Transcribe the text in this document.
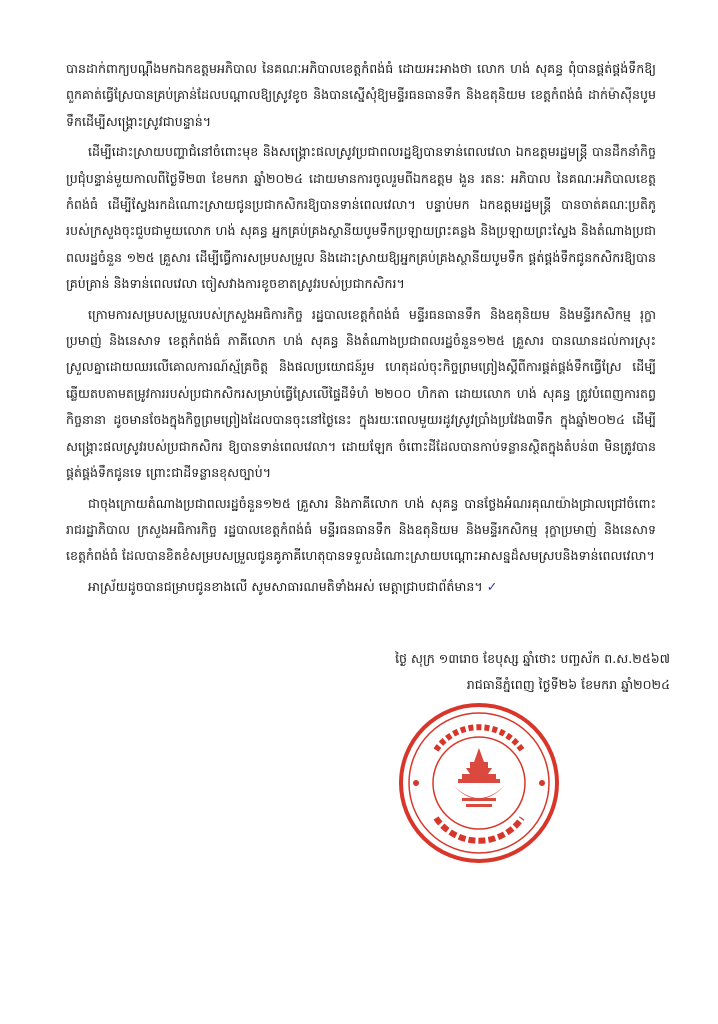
បានដាក់ពាក្យបណ្ដឹងមកឯកឧត្តមអភិបាល នៃគណៈអភិបាលខេត្តកំពង់ធំ ដោយអះអាងថា លោក ហង់ សុគន្ធ ពុំបានផ្គត់ផ្គង់ទឹកឱ្យពួកគាត់ធ្វើស្រែបានគ្រប់គ្រាន់ដែលបណ្ដាលឱ្យស្រូវខូច និងបានស្នើសុំឱ្យមន្ទីរធនធានទឹក និងឧតុនិយម ខេត្តកំពង់ធំ ដាក់ម៉ាស៊ីនបូមទឹកដើម្បីសង្គ្រោះស្រូវជាបន្ទាន់។

ដើម្បីដោះស្រាយបញ្ហាជំនៅចំពោះមុខ និងសង្គ្រោះផលស្រូវប្រជាពលរដ្ឋឱ្យបានទាន់ពេលវេលា ឯកឧត្តមរដ្ឋមន្ត្រី បានដឹកនាំកិច្ចប្រជុំបន្ទាន់មួយកាលពីថ្ងៃទី២៣ ខែមករា ឆ្នាំ២០២៤ ដោយមានការចូលរួមពីឯកឧត្តម ងួន រតនៈ អភិបាល នៃគណៈអភិបាលខេត្តកំពង់ធំ ដើម្បីស្វែងរកដំណោះស្រាយជូនប្រជាកសិករឱ្យបានទាន់ពេលវេលា។ បន្ទាប់មក ឯកឧត្តមរដ្ឋមន្ត្រី បានចាត់គណៈប្រតិភូរបស់ក្រសួងចុះជួបជាមួយលោក ហង់ សុគន្ធ អ្នកគ្រប់គ្រងស្ថានីយបូមទឹកប្រឡាយព្រះគន្លង និងប្រឡាយព្រះស្ទែង និងតំណាងប្រជាពលរដ្ឋចំនួន ១២៥ គ្រួសារ ដើម្បីធ្វើការសម្របសម្រួល និងដោះស្រាយឱ្យអ្នកគ្រប់គ្រងស្ថានីយបូមទឹក ផ្គត់ផ្គង់ទឹកជូនកសិករឱ្យបានគ្រប់គ្រាន់ និងទាន់ពេលវេលា ចៀសវាងការខូចខាតស្រូវរបស់ប្រជាកសិករ។

ក្រោមការសម្របសម្រួលរបស់ក្រសួងអធិការកិច្ច រដ្ឋបាលខេត្តកំពង់ធំ មន្ទីរធនធានទឹក និងឧតុនិយម និងមន្ទីរកសិកម្ម រុក្ខាប្រមាញ់ និងនេសាទ ខេត្តកំពង់ធំ ភាគីលោក ហង់ សុគន្ធ និងតំណាងប្រជាពលរដ្ឋចំនួន១២៥ គ្រួសារ បានឈានដល់ការស្រុះស្រួលគ្នាដោយឈរលើគោលការណ៍ស្ម័គ្រចិត្ត និងផលប្រយោជន៍រួម ហេតុដល់ចុះកិច្ចព្រមព្រៀងស្ដីពីការផ្គត់ផ្គង់ទឹកធ្វើស្រែ ដើម្បីឆ្លើយតបតាមតម្រូវការរបស់ប្រជាកសិករសម្រាប់ធ្វើស្រែលើផ្ទៃដីទំហំ ២២០០ ហិកតា ដោយលោក ហង់ សុគន្ធ ត្រូវបំពេញការតព្វកិច្ចនានា ដូចមានចែងក្នុងកិច្ចព្រមព្រៀងដែលបានចុះនៅថ្ងៃនេះ ក្នុងរយៈពេលមួយរដូវស្រូវប្រាំងប្រវែង៣ទឹក ក្នុងឆ្នាំ២០២៤ ដើម្បីសង្គ្រោះផលស្រូវរបស់ប្រជាកសិករ ឱ្យបានទាន់ពេលវេលា។ ដោយឡែក ចំពោះដីដែលបានកាប់ទន្លានស្ថិតក្នុងតំបន់៣ មិនត្រូវបានផ្គត់ផ្គង់ទឹកជូនទេ ព្រោះជាដីទន្លានខុសច្បាប់។

ជាចុងក្រោយតំណាងប្រជាពលរដ្ឋចំនួន១២៥ គ្រួសារ និងភាគីលោក ហង់ សុគន្ធ បានថ្លែងអំណរគុណយ៉ាងជ្រាលជ្រៅចំពោះរាជរដ្ឋាភិបាល ក្រសួងអធិការកិច្ច រដ្ឋបាលខេត្តកំពង់ធំ មន្ទីរធនធានទឹក និងឧតុនិយម និងមន្ទីរកសិកម្ម រុក្ខាប្រមាញ់ និងនេសាទ ខេត្តកំពង់ធំ ដែលបានខិតខំសម្របសម្រួលជូនគូភាគីហេតុបានទទួលដំណោះស្រាយបណ្ដោះអាសន្នដ៏សមស្របនិងទាន់ពេលវេលា។

អាស្រ័យដូចបានជម្រាបជូនខាងលើ សូមសាធារណមតិទាំងអស់ មេត្តាជ្រាបជាព័ត៌មាន។ ✓

ថ្ងៃ សុក្រ ១៣រោច ខែបុស្ស ឆ្នាំថោះ បញ្ចស័ក ព.ស.២៥៦៧

រាជធានីភ្នំពេញ ថ្ងៃទី២៦ ខែមករា ឆ្នាំ២០២៤
